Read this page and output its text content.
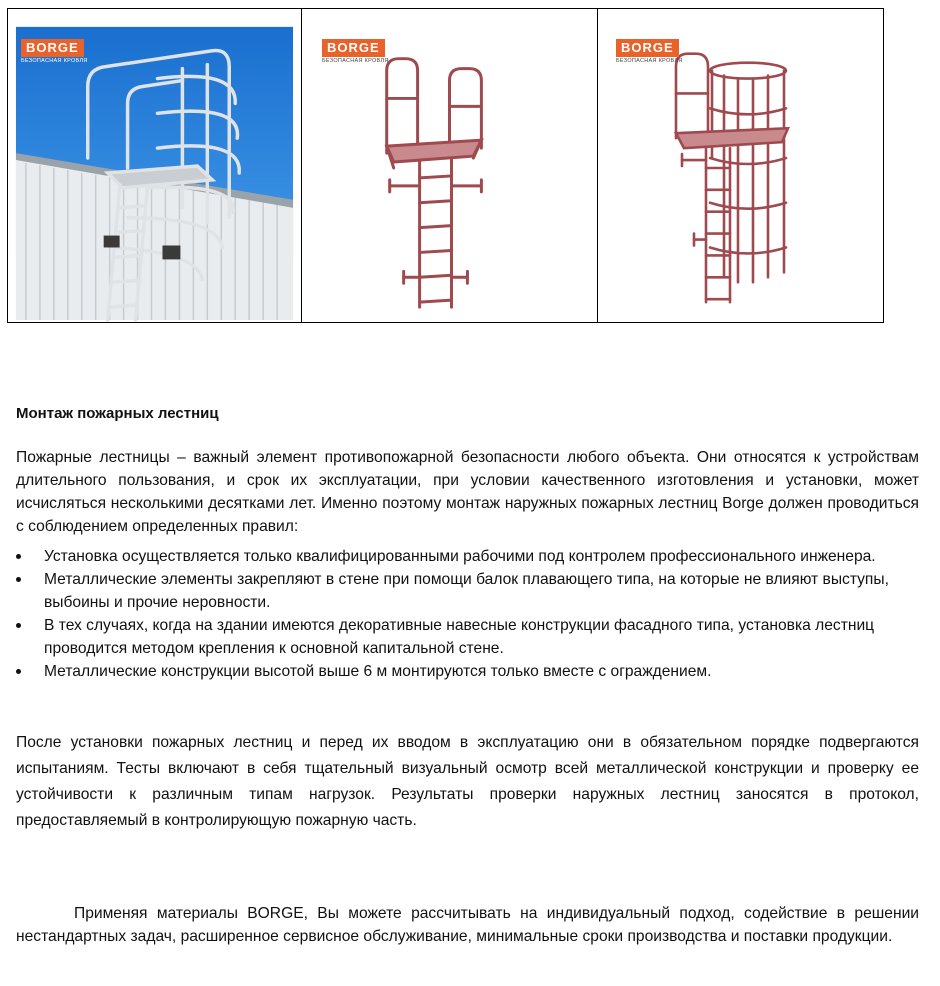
BORGE
БЕЗОПАСНАЯ КРОВЛЯ
BORGE
БЕЗОПАСНАЯ КРОВЛЯ
BORGE
БЕЗОПАСНАЯ КРОВЛЯ
Монтаж пожарных лестниц

Пожарные лестницы – важный элемент противопожарной безопасности любого объекта. Они относятся к устройствам длительного пользования, и срок их эксплуатации, при условии качественного изготовления и установки, может исчисляться несколькими десятками лет. Именно поэтому монтаж наружных пожарных лестниц Borge должен проводиться с соблюдением определенных правил:

Установка осуществляется только квалифицированными рабочими под контролем профессионального инженера.
Металлические элементы закрепляют в стене при помощи балок плавающего типа, на которые не влияют выступы, выбоины и прочие неровности.
В тех случаях, когда на здании имеются декоративные навесные конструкции фасадного типа, установка лестниц проводится методом крепления к основной капитальной стене.
Металлические конструкции высотой выше 6 м монтируются только вместе с ограждением.

После установки пожарных лестниц и перед их вводом в эксплуатацию они в обязательном порядке подвергаются испытаниям. Тесты включают в себя тщательный визуальный осмотр всей металлической конструкции и проверку ее устойчивости к различным типам нагрузок. Результаты проверки наружных лестниц заносятся в протокол, предоставляемый в контролирующую пожарную часть.

Применяя материалы BORGE, Вы можете рассчитывать на индивидуальный подход, содействие в решении нестандартных задач, расширенное сервисное обслуживание, минимальные сроки производства и поставки продукции.
